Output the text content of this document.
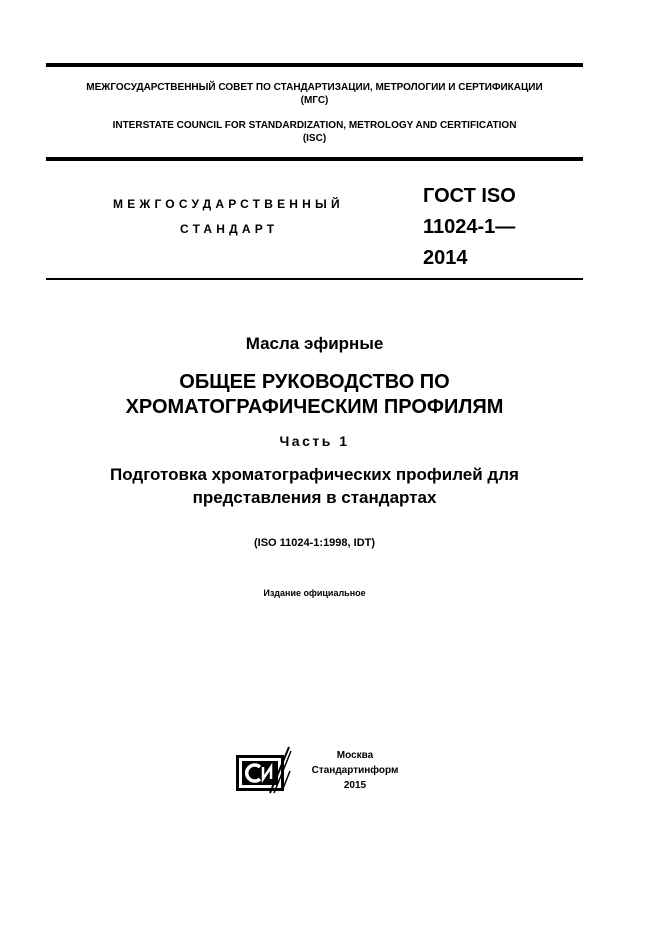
МЕЖГОСУДАРСТВЕННЫЙ СОВЕТ ПО СТАНДАРТИЗАЦИИ, МЕТРОЛОГИИ И СЕРТИФИКАЦИИ
(МГС)
INTERSTATE COUNCIL FOR STANDARDIZATION, METROLOGY AND CERTIFICATION
(ISC)
МЕЖГОСУДАРСТВЕННЫЙ
СТАНДАРТ
ГОСТ ISO
11024-1—
2014
Масла эфирные
ОБЩЕЕ РУКОВОДСТВО ПО
ХРОМАТОГРАФИЧЕСКИМ ПРОФИЛЯМ
Часть 1
Подготовка хроматографических профилей для
представления в стандартах
(ISO 11024-1:1998, IDT)
Издание официальное
Москва
Стандартинформ
2015
